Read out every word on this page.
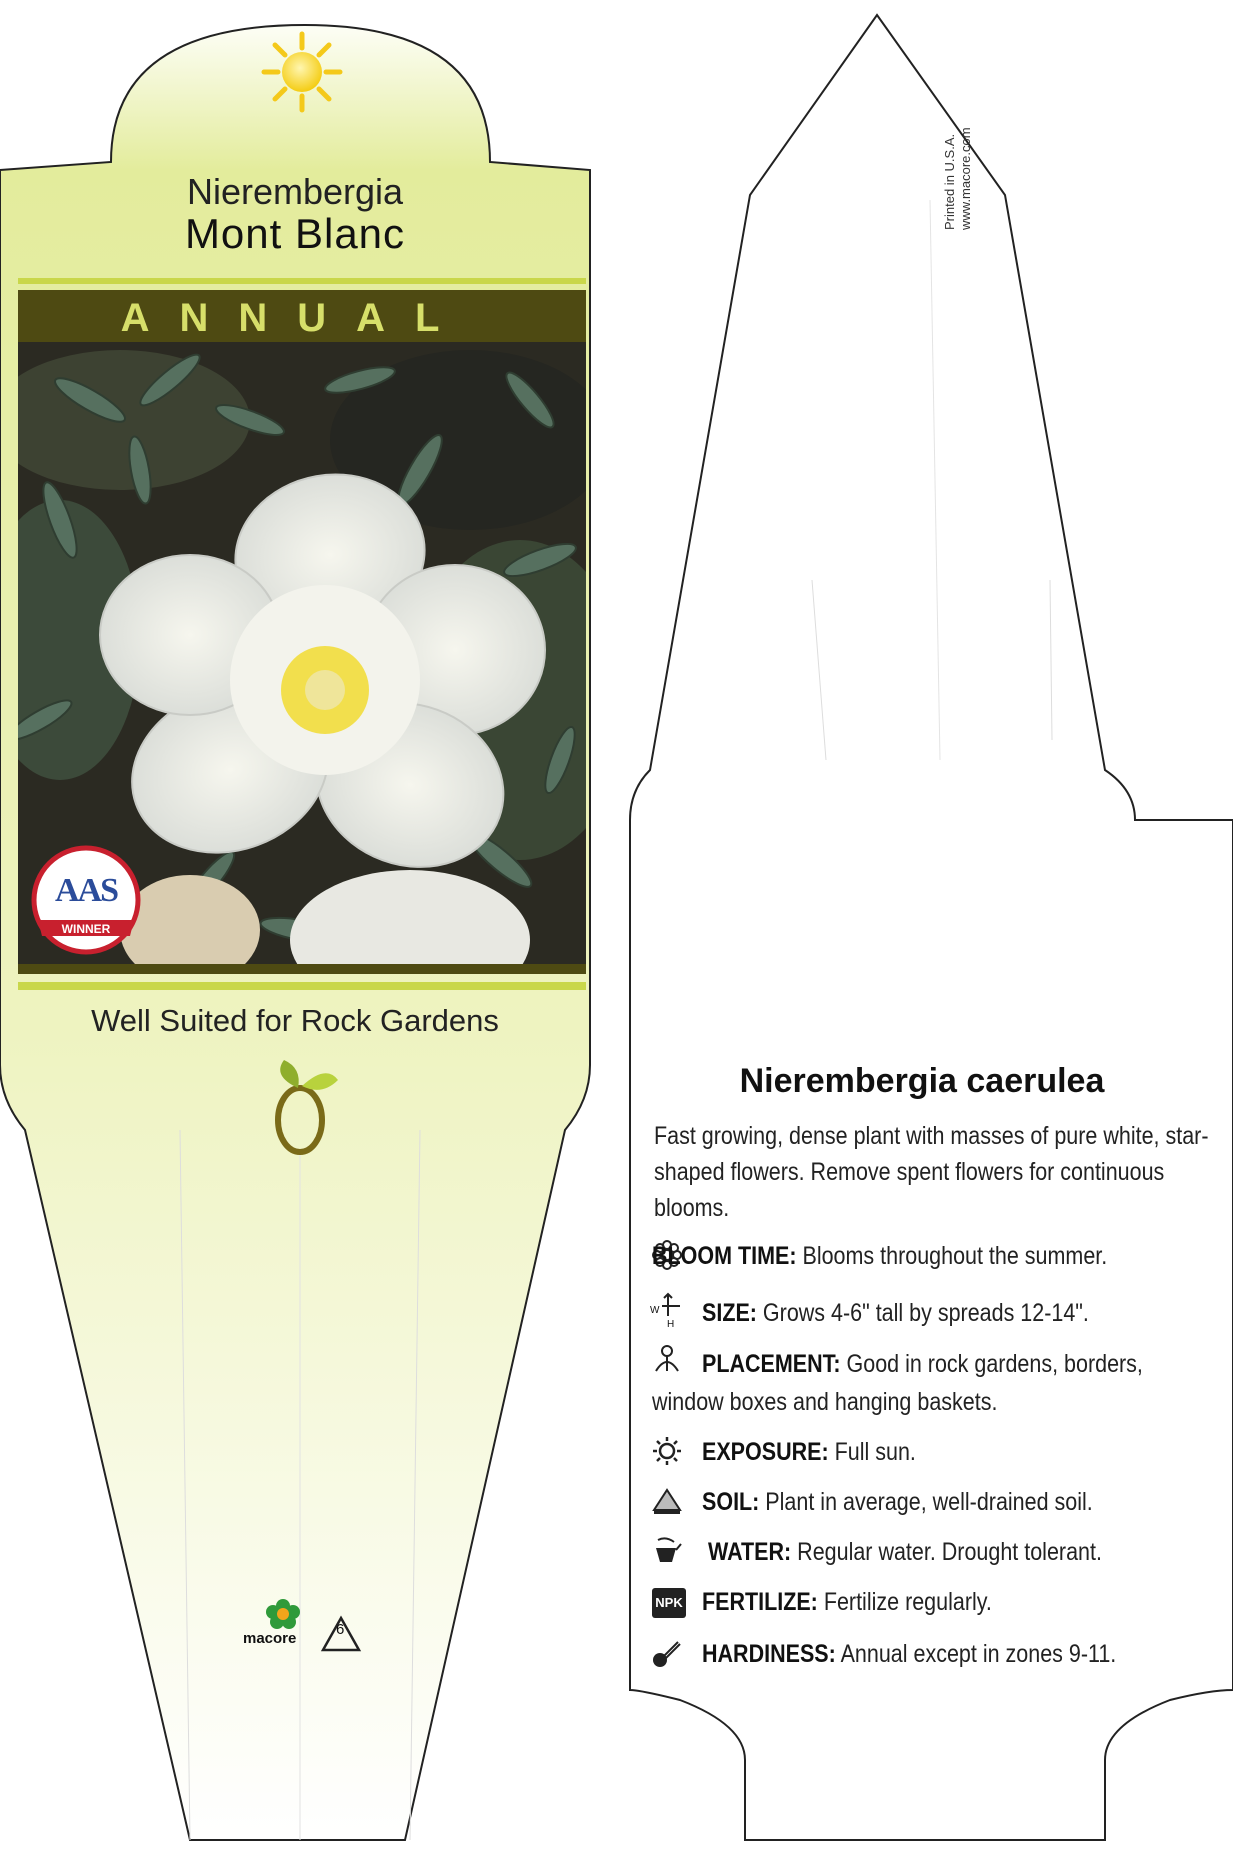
Nierembergia
Mont Blanc
ANNUAL
Well Suited for Rock Gardens
AAS
WINNER
macore
6
Printed in U.S.A. www.macore.com
Nierembergia caerulea
Fast growing, dense plant with masses of pure white, star-shaped flowers. Remove spent flowers for continuous blooms.
BLOOM TIME: Blooms throughout the summer.
W
H SIZE: Grows 4-6" tall by spreads 12-14".
PLACEMENT: Good in rock gardens, borders,
window boxes and hanging baskets.
EXPOSURE: Full sun.
SOIL: Plant in average, well-drained soil.
WATER: Regular water. Drought tolerant.
NPK FERTILIZE: Fertilize regularly.
HARDINESS: Annual except in zones 9-11.
